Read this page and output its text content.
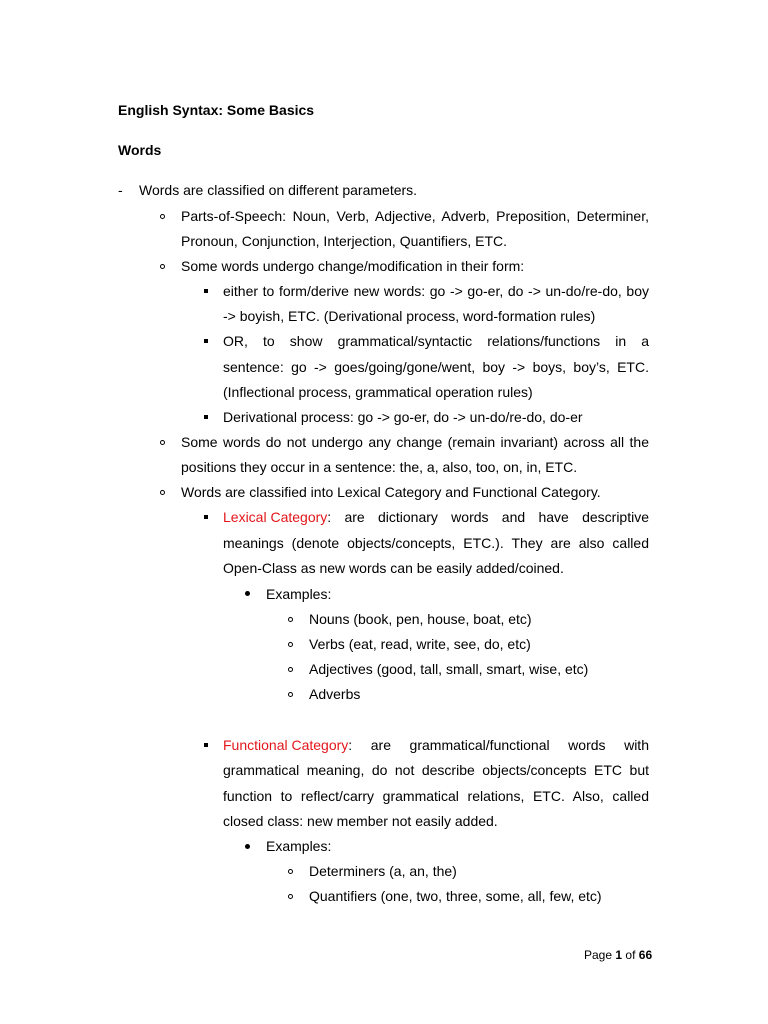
English Syntax: Some Basics
Words
- Words are classified on different parameters.
Parts-of-Speech: Noun, Verb, Adjective, Adverb, Preposition, Determiner,
Pronoun, Conjunction, Interjection, Quantifiers, ETC.
Some words undergo change/modification in their form:
either to form/derive new words: go -> go-er, do -> un-do/re-do, boy
-> boyish, ETC. (Derivational process, word-formation rules)
OR, to show grammatical/syntactic relations/functions in a
sentence: go -> goes/going/gone/went, boy -> boys, boy’s, ETC.
(Inflectional process, grammatical operation rules)
Derivational process: go -> go-er, do -> un-do/re-do, do-er
Some words do not undergo any change (remain invariant) across all the
positions they occur in a sentence: the, a, also, too, on, in, ETC.
Words are classified into Lexical Category and Functional Category.
Lexical Category : are dictionary words and have descriptive
meanings (denote objects/concepts, ETC.). They are also called
Open-Class as new words can be easily added/coined.
Examples:
Nouns (book, pen, house, boat, etc)
Verbs (eat, read, write, see, do, etc)
Adjectives (good, tall, small, smart, wise, etc)
Adverbs
Functional Category : are grammatical/functional words with
grammatical meaning, do not describe objects/concepts ETC but
function to reflect/carry grammatical relations, ETC. Also, called
closed class: new member not easily added.
Examples:
Determiners (a, an, the)
Quantifiers (one, two, three, some, all, few, etc)
Page 1 of 66
